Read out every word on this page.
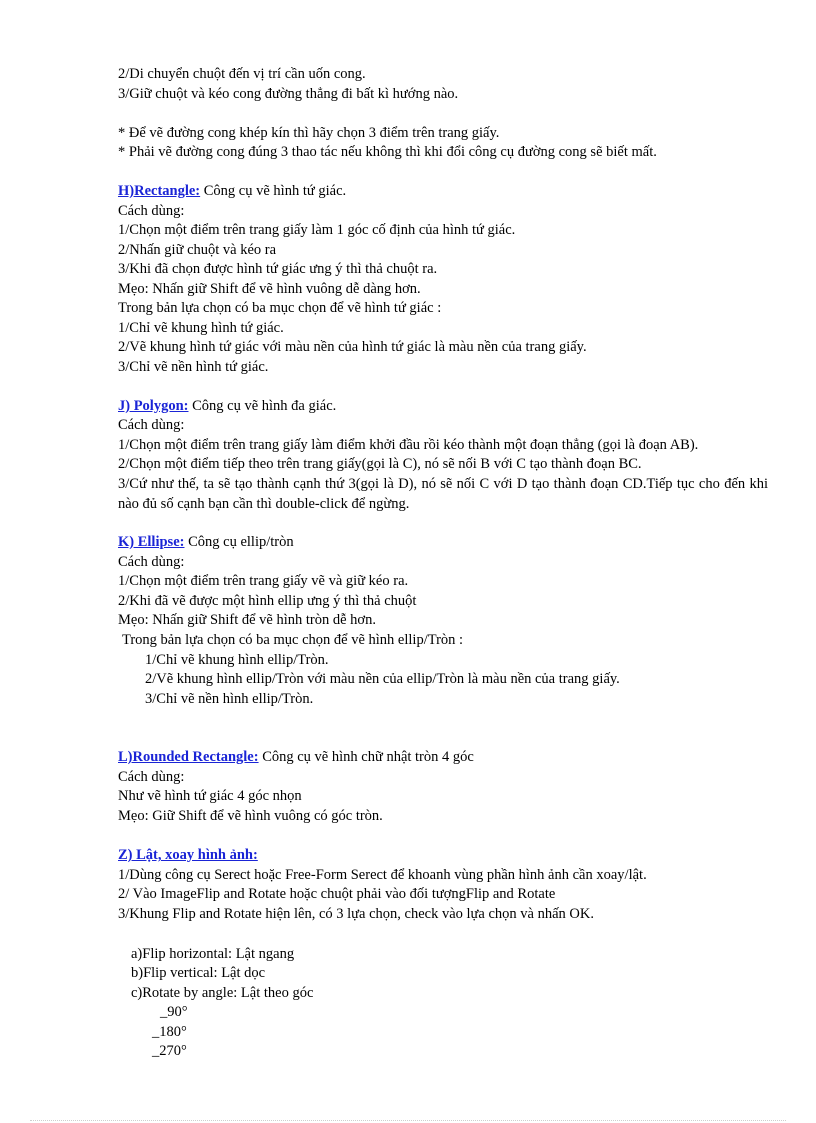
2/Di chuyển chuột đến vị trí cần uốn cong.
3/Giữ chuột và kéo cong đường thẳng đi bất kì hướng nào.
* Để vẽ đường cong khép kín thì hãy chọn 3 điểm trên trang giấy.
* Phải vẽ đường cong đúng 3 thao tác nếu không thì khi đổi công cụ đường cong sẽ biết mất.
H)Rectangle: Công cụ vẽ hình tứ giác.
Cách dùng:
1/Chọn một điểm trên trang giấy làm 1 góc cố định của hình tứ giác.
2/Nhấn giữ chuột và kéo ra
3/Khi đã chọn được hình tứ giác ưng ý thì thả chuột ra.
Mẹo: Nhấn giữ Shift để vẽ hình vuông dễ dàng hơn.
Trong bản lựa chọn có ba mục chọn để vẽ hình tứ giác :
1/Chỉ vẽ khung hình tứ giác.
2/Vẽ khung hình tứ giác với màu nền của hình tứ giác là màu nền của trang giấy.
3/Chỉ vẽ nền hình tứ giác.
J) Polygon: Công cụ vẽ hình đa giác.
Cách dùng:
1/Chọn một điểm trên trang giấy làm điểm khởi đầu rồi kéo thành một đoạn thẳng (gọi là đoạn AB).
2/Chọn một điểm tiếp theo trên trang giấy(gọi là C), nó sẽ nối B với C tạo thành đoạn BC.
3/Cứ như thế, ta sẽ tạo thành cạnh thứ 3(gọi là D), nó sẽ nối C với D tạo thành đoạn CD.Tiếp tục cho đến khi nào đủ số cạnh bạn cần thì double-click để ngừng.
K) Ellipse: Công cụ ellip/tròn
Cách dùng:
1/Chọn một điểm trên trang giấy vẽ và giữ kéo ra.
2/Khi đã vẽ được một hình ellip ưng ý thì thả chuột
Mẹo: Nhấn giữ Shift để vẽ hình tròn dễ hơn.
Trong bản lựa chọn có ba mục chọn để vẽ hình ellip/Tròn :
1/Chỉ vẽ khung hình ellip/Tròn.
2/Vẽ khung hình ellip/Tròn với màu nền của ellip/Tròn là màu nền của trang giấy.
3/Chỉ vẽ nền hình ellip/Tròn.
L)Rounded Rectangle: Công cụ vẽ hình chữ nhật tròn 4 góc
Cách dùng:
Như vẽ hình tứ giác 4 góc nhọn
Mẹo: Giữ Shift để vẽ hình vuông có góc tròn.
Z) Lật, xoay hình ảnh:
1/Dùng công cụ Serect hoặc Free-Form Serect để khoanh vùng phần hình ảnh cần xoay/lật.
2/ Vào ImageFlip and Rotate hoặc chuột phải vào đối tượngFlip and Rotate
3/Khung Flip and Rotate hiện lên, có 3 lựa chọn, check vào lựa chọn và nhấn OK.
a)Flip horizontal: Lật ngang
b)Flip vertical: Lật dọc
c)Rotate by angle: Lật theo góc
_90°
_180°
_270°
